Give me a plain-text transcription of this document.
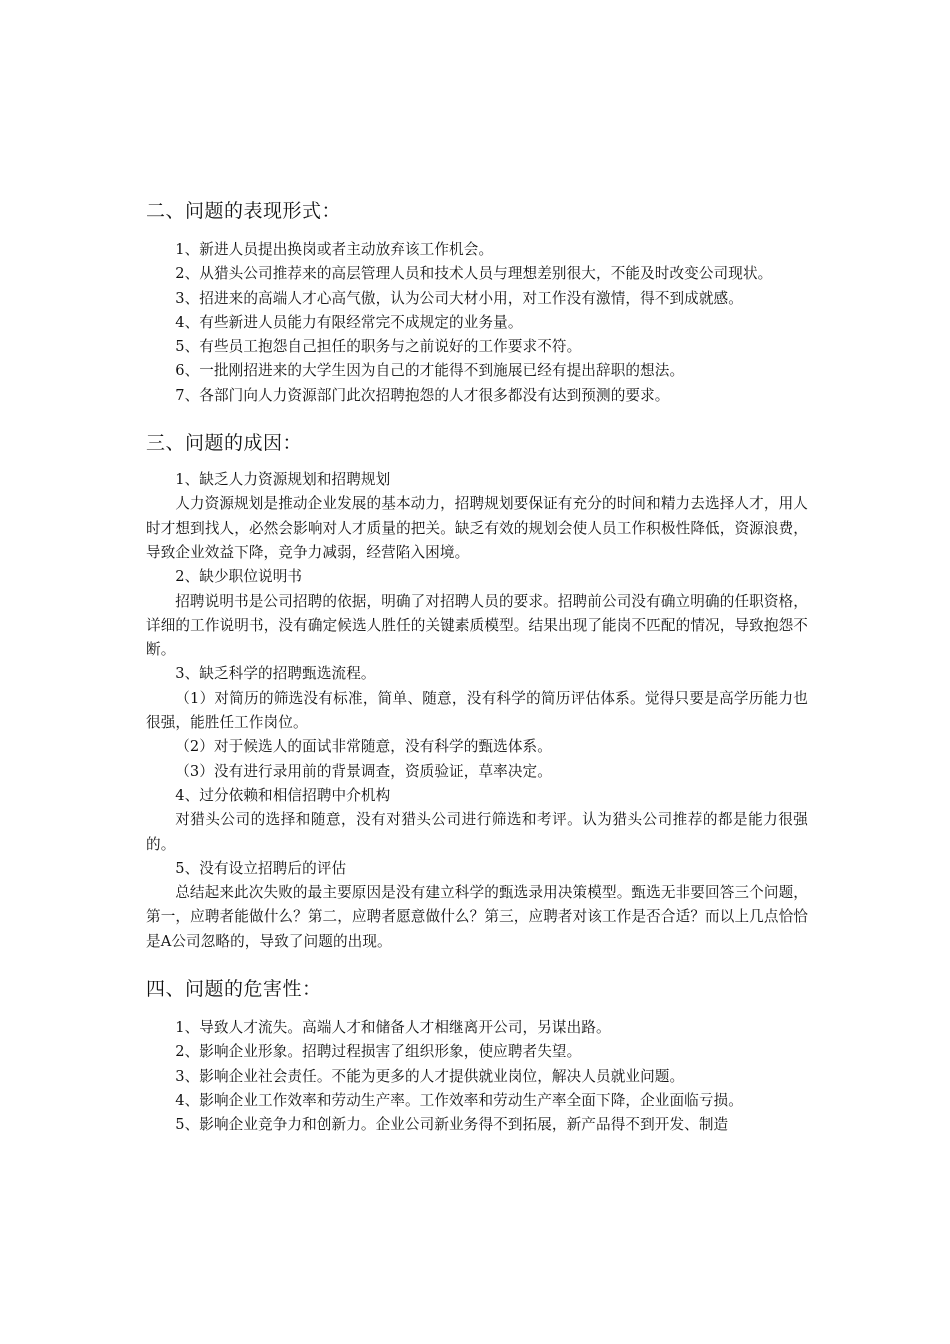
二、问题的表现形式：

1、新进人员提出换岗或者主动放弃该工作机会。

2、从猎头公司推荐来的高层管理人员和技术人员与理想差别很大，不能及时改变公司现状。

3、招进来的高端人才心高气傲，认为公司大材小用，对工作没有激情，得不到成就感。

4、有些新进人员能力有限经常完不成规定的业务量。

5、有些员工抱怨自己担任的职务与之前说好的工作要求不符。

6、一批刚招进来的大学生因为自己的才能得不到施展已经有提出辞职的想法。

7、各部门向人力资源部门此次招聘抱怨的人才很多都没有达到预测的要求。

三、问题的成因：

1、缺乏人力资源规划和招聘规划

人力资源规划是推动企业发展的基本动力，招聘规划要保证有充分的时间和精力去选择人才，用人时才想到找人，必然会影响对人才质量的把关。缺乏有效的规划会使人员工作积极性降低，资源浪费，导致企业效益下降，竞争力减弱，经营陷入困境。

2、缺少职位说明书

招聘说明书是公司招聘的依据，明确了对招聘人员的要求。招聘前公司没有确立明确的任职资格，详细的工作说明书，没有确定候选人胜任的关键素质模型。结果出现了能岗不匹配的情况，导致抱怨不断。

3、缺乏科学的招聘甄选流程。

（1）对简历的筛选没有标准，简单、随意，没有科学的简历评估体系。觉得只要是高学历能力也很强，能胜任工作岗位。

（2）对于候选人的面试非常随意，没有科学的甄选体系。

（3）没有进行录用前的背景调查，资质验证，草率决定。

4、过分依赖和相信招聘中介机构

对猎头公司的选择和随意，没有对猎头公司进行筛选和考评。认为猎头公司推荐的都是能力很强的。

5、没有设立招聘后的评估

总结起来此次失败的最主要原因是没有建立科学的甄选录用决策模型。甄选无非要回答三个问题，第一，应聘者能做什么？第二，应聘者愿意做什么？第三，应聘者对该工作是否合适？而以上几点恰恰是A公司忽略的，导致了问题的出现。

四、问题的危害性：

1、导致人才流失。高端人才和储备人才相继离开公司，另谋出路。

2、影响企业形象。招聘过程损害了组织形象，使应聘者失望。

3、影响企业社会责任。不能为更多的人才提供就业岗位，解决人员就业问题。

4、影响企业工作效率和劳动生产率。工作效率和劳动生产率全面下降，企业面临亏损。

5、影响企业竞争力和创新力。企业公司新业务得不到拓展，新产品得不到开发、制造
